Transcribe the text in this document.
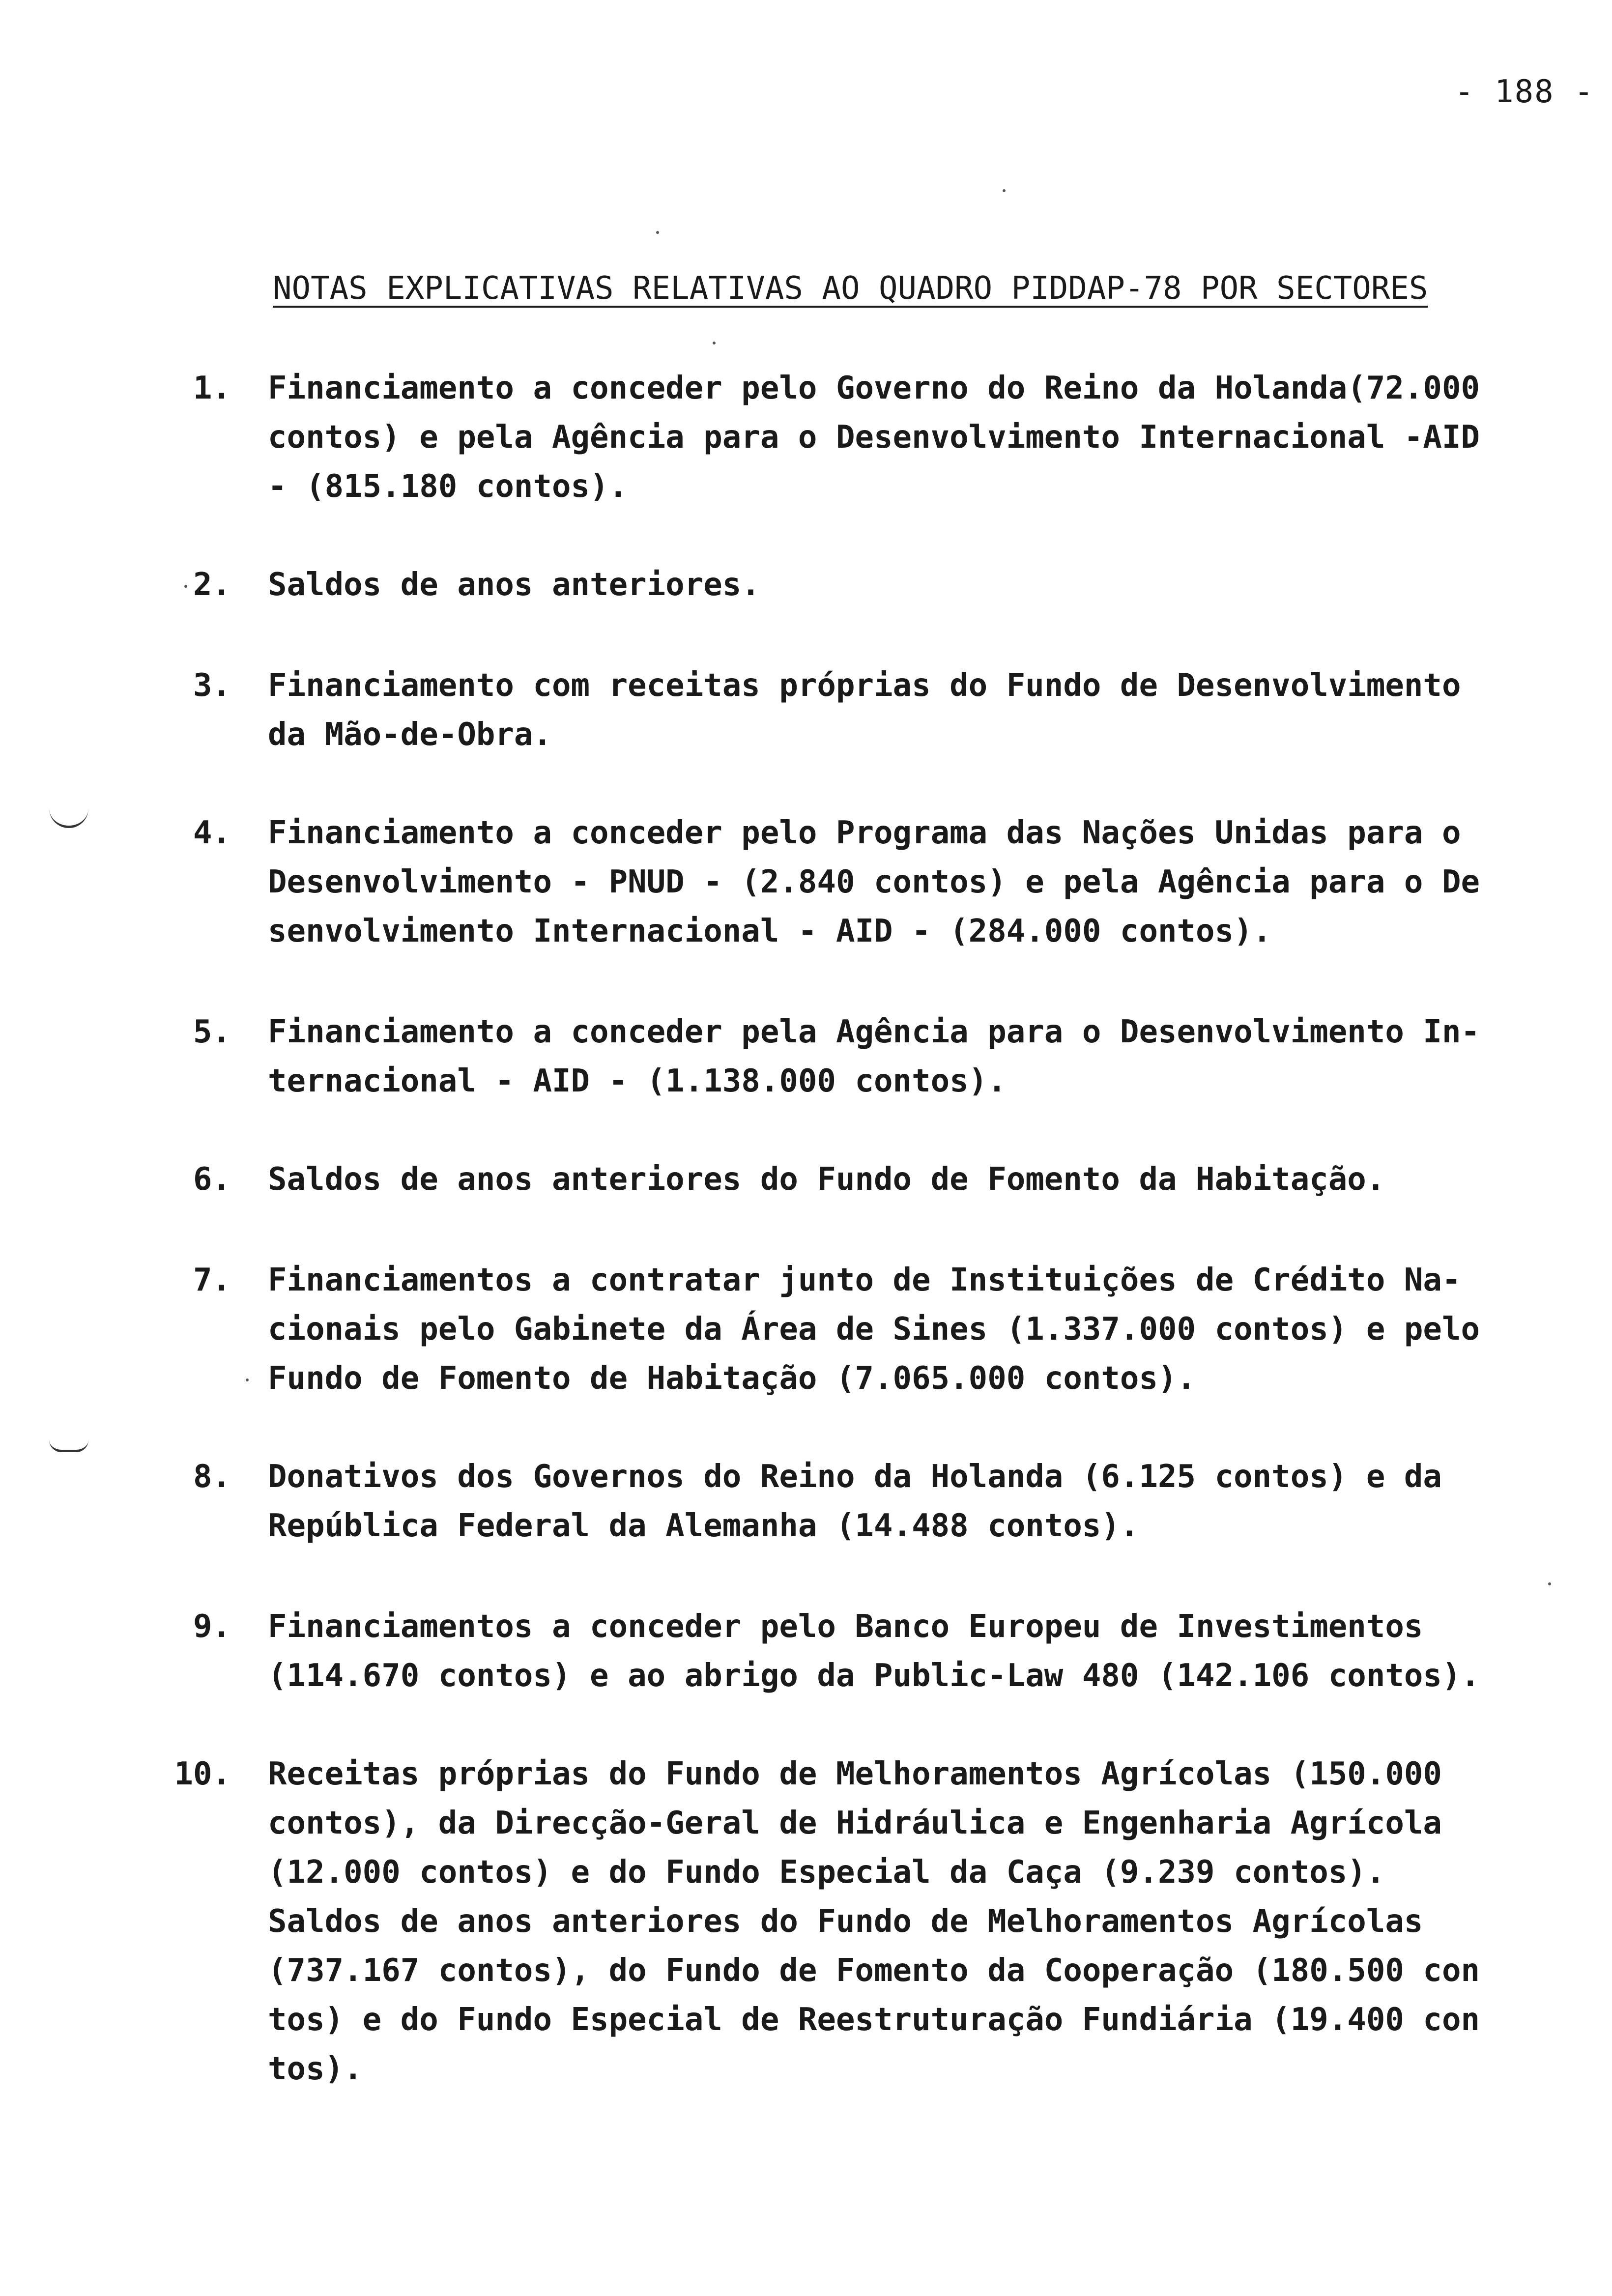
- 188 -
NOTAS EXPLICATIVAS RELATIVAS AO QUADRO PIDDAP-78 POR SECTORES
1. Financiamento a conceder pelo Governo do Reino da Holanda(72.000
contos) e pela Agência para o Desenvolvimento Internacional -AID
- (815.180 contos).
2. Saldos de anos anteriores.
3. Financiamento com receitas próprias do Fundo de Desenvolvimento
da Mão-de-Obra.
4. Financiamento a conceder pelo Programa das Nações Unidas para o
Desenvolvimento - PNUD - (2.840 contos) e pela Agência para o De
senvolvimento Internacional - AID - (284.000 contos).
5. Financiamento a conceder pela Agência para o Desenvolvimento In-
ternacional - AID - (1.138.000 contos).
6. Saldos de anos anteriores do Fundo de Fomento da Habitação.
7. Financiamentos a contratar junto de Instituições de Crédito Na-
cionais pelo Gabinete da Área de Sines (1.337.000 contos) e pelo
Fundo de Fomento de Habitação (7.065.000 contos).
8. Donativos dos Governos do Reino da Holanda (6.125 contos) e da
República Federal da Alemanha (14.488 contos).
9. Financiamentos a conceder pelo Banco Europeu de Investimentos
(114.670 contos) e ao abrigo da Public-Law 480 (142.106 contos).
10. Receitas próprias do Fundo de Melhoramentos Agrícolas (150.000
contos), da Direcção-Geral de Hidráulica e Engenharia Agrícola
(12.000 contos) e do Fundo Especial da Caça (9.239 contos).
Saldos de anos anteriores do Fundo de Melhoramentos Agrícolas
(737.167 contos), do Fundo de Fomento da Cooperação (180.500 con
tos) e do Fundo Especial de Reestruturação Fundiária (19.400 con
tos).
